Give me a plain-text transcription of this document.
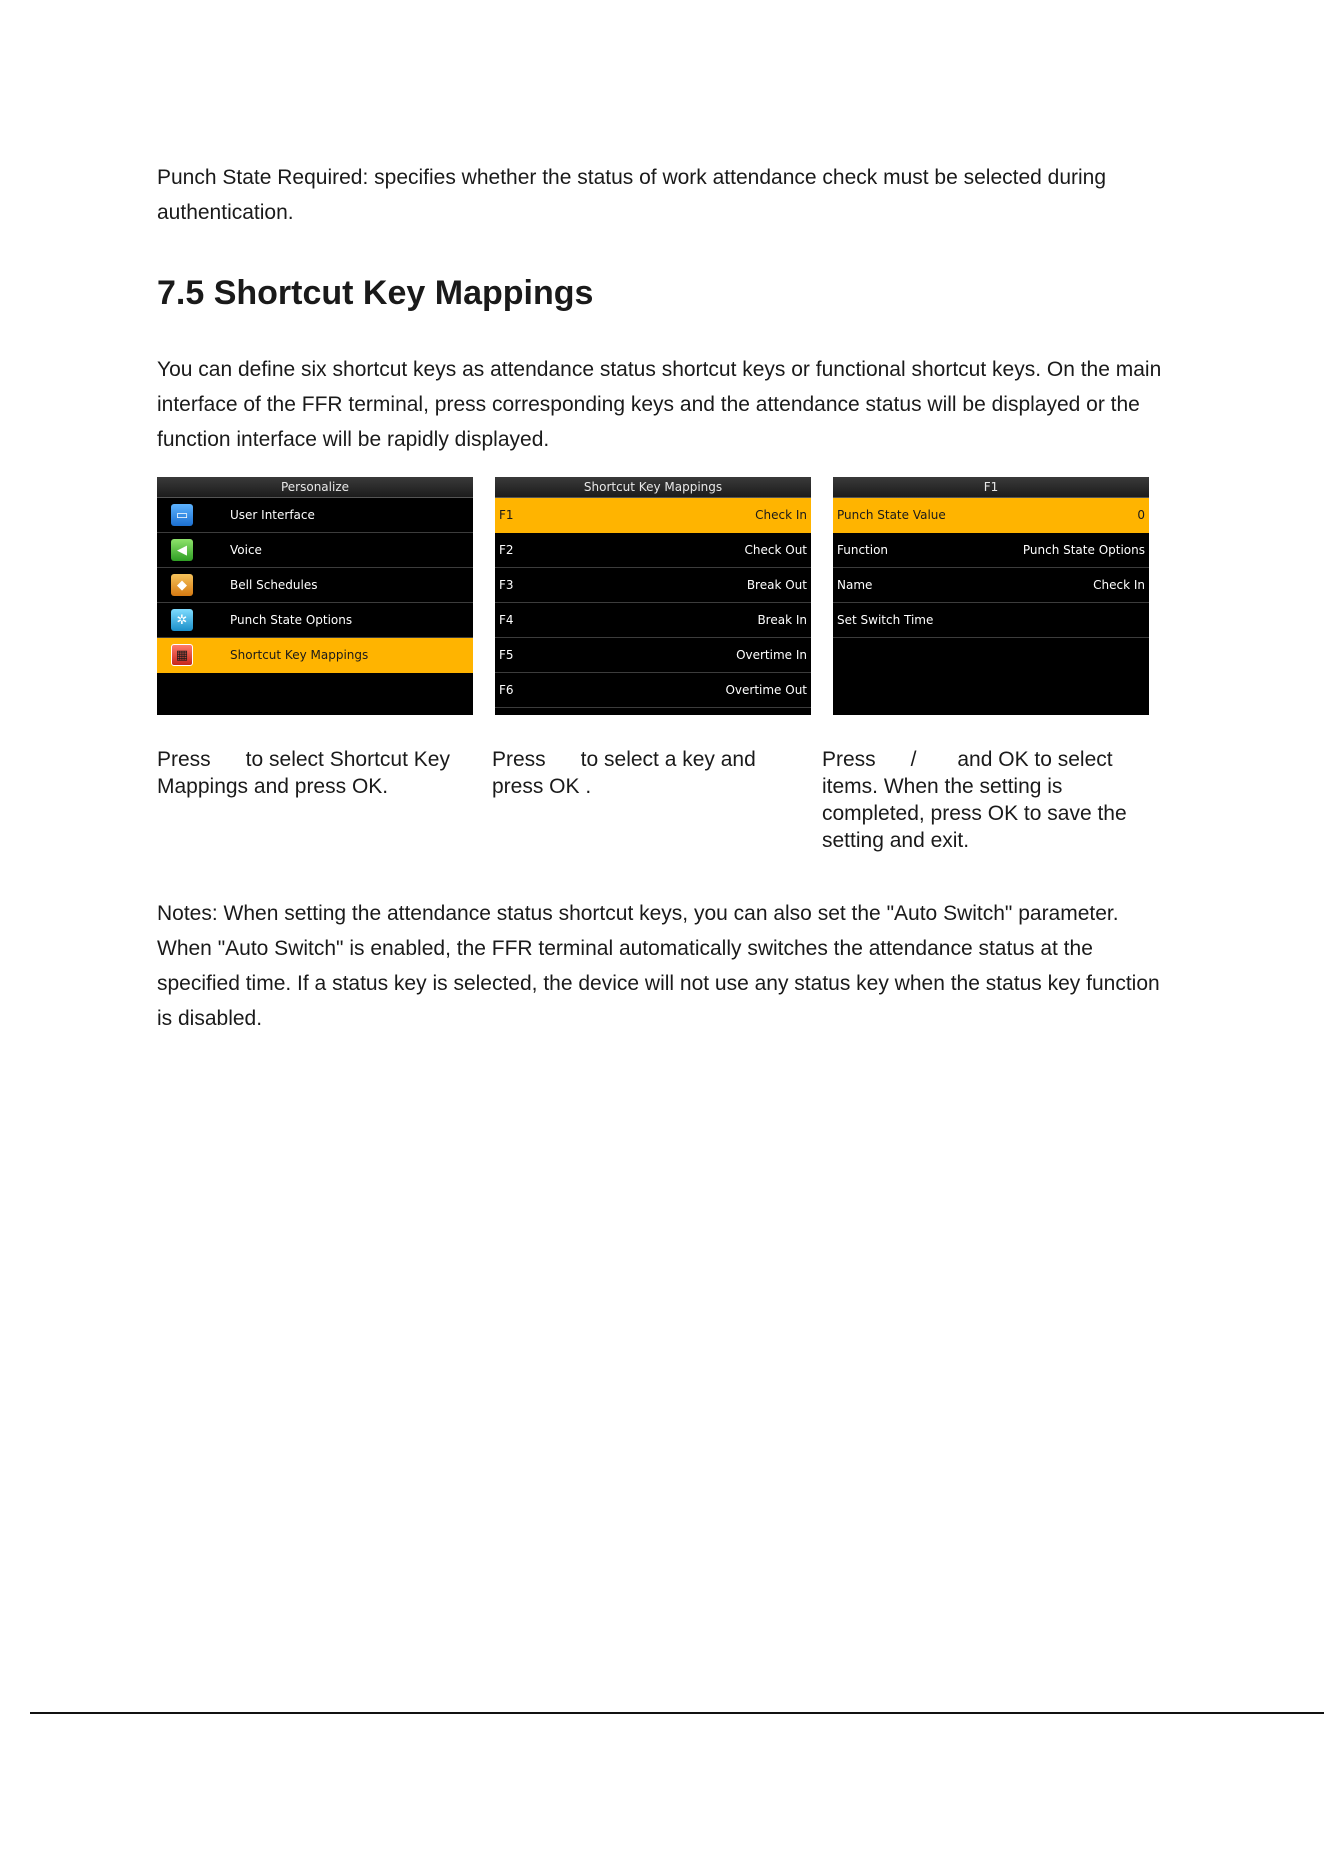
Punch State Required: specifies whether the status of work attendance check must be selected during authentication.

7.5 Shortcut Key Mappings

You can define six shortcut keys as attendance status shortcut keys or functional shortcut keys. On the main interface of the FFR terminal, press corresponding keys and the attendance status will be displayed or the function interface will be rapidly displayed.

Personalize
▭	User Interface
◀	Voice
◆	Bell Schedules
✲	Punch State Options
▦	Shortcut Key Mappings
Shortcut Key Mappings
F1	Check In
F2	Check Out
F3	Break Out
F4	Break In
F5	Overtime In
F6	Overtime Out
F1
Punch State Value	0
Function	Punch State Options
Name	Check In
Set Switch Time

Press      to select Shortcut Key Mappings and press OK.

Press      to select a key and press OK .

Press      /       and OK to select items. When the setting is completed, press OK to save the setting and exit.

Notes: When setting the attendance status shortcut keys, you can also set the "Auto Switch" parameter. When "Auto Switch" is enabled, the FFR terminal automatically switches the attendance status at the specified time. If a status key is selected, the device will not use any status key when the status key function is disabled.
